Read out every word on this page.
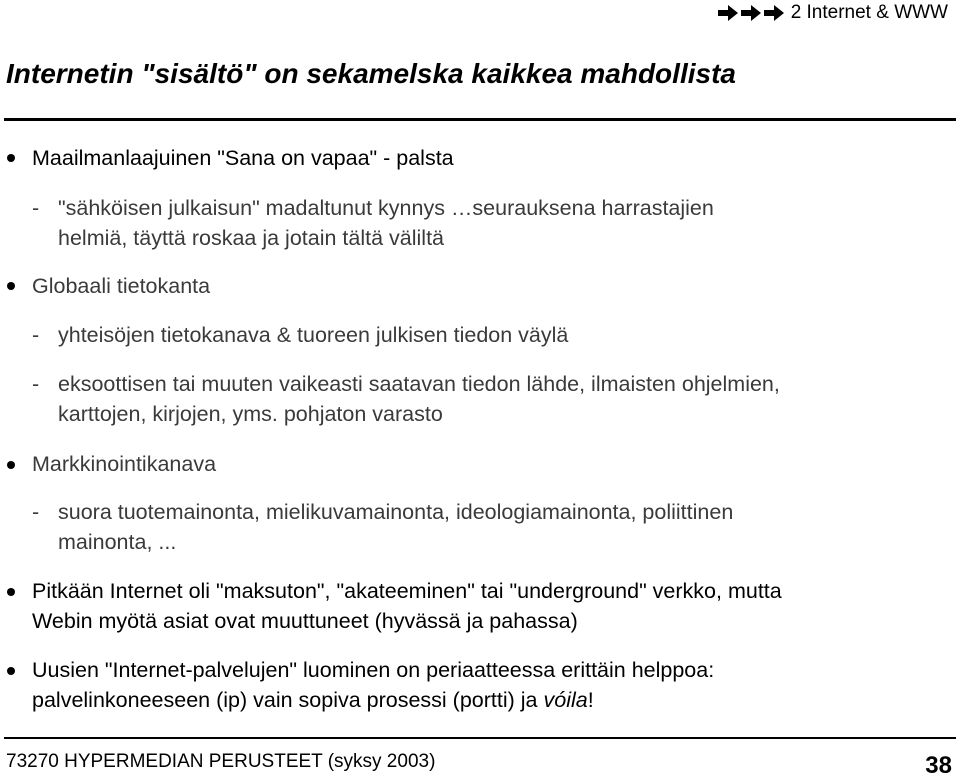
2 Internet & WWW
Internetin "sisältö" on sekamelska kaikkea mahdollista
Maailmanlaajuinen "Sana on vapaa" - palsta
- "sähköisen julkaisun" madaltunut kynnys …seurauksena harrastajien
helmiä, täyttä roskaa ja jotain tältä väliltä
Globaali tietokanta
- yhteisöjen tietokanava & tuoreen julkisen tiedon väylä
- eksoottisen tai muuten vaikeasti saatavan tiedon lähde, ilmaisten ohjelmien,
karttojen, kirjojen, yms. pohjaton varasto
Markkinointikanava
- suora tuotemainonta, mielikuvamainonta, ideologiamainonta, poliittinen
mainonta, ...
Pitkään Internet oli "maksuton", "akateeminen" tai "underground" verkko, mutta
Webin myötä asiat ovat muuttuneet (hyvässä ja pahassa)
Uusien "Internet-palvelujen" luominen on periaatteessa erittäin helppoa:
palvelinkoneeseen (ip) vain sopiva prosessi (portti) ja vóila!
73270 HYPERMEDIAN PERUSTEET (syksy 2003)	38
